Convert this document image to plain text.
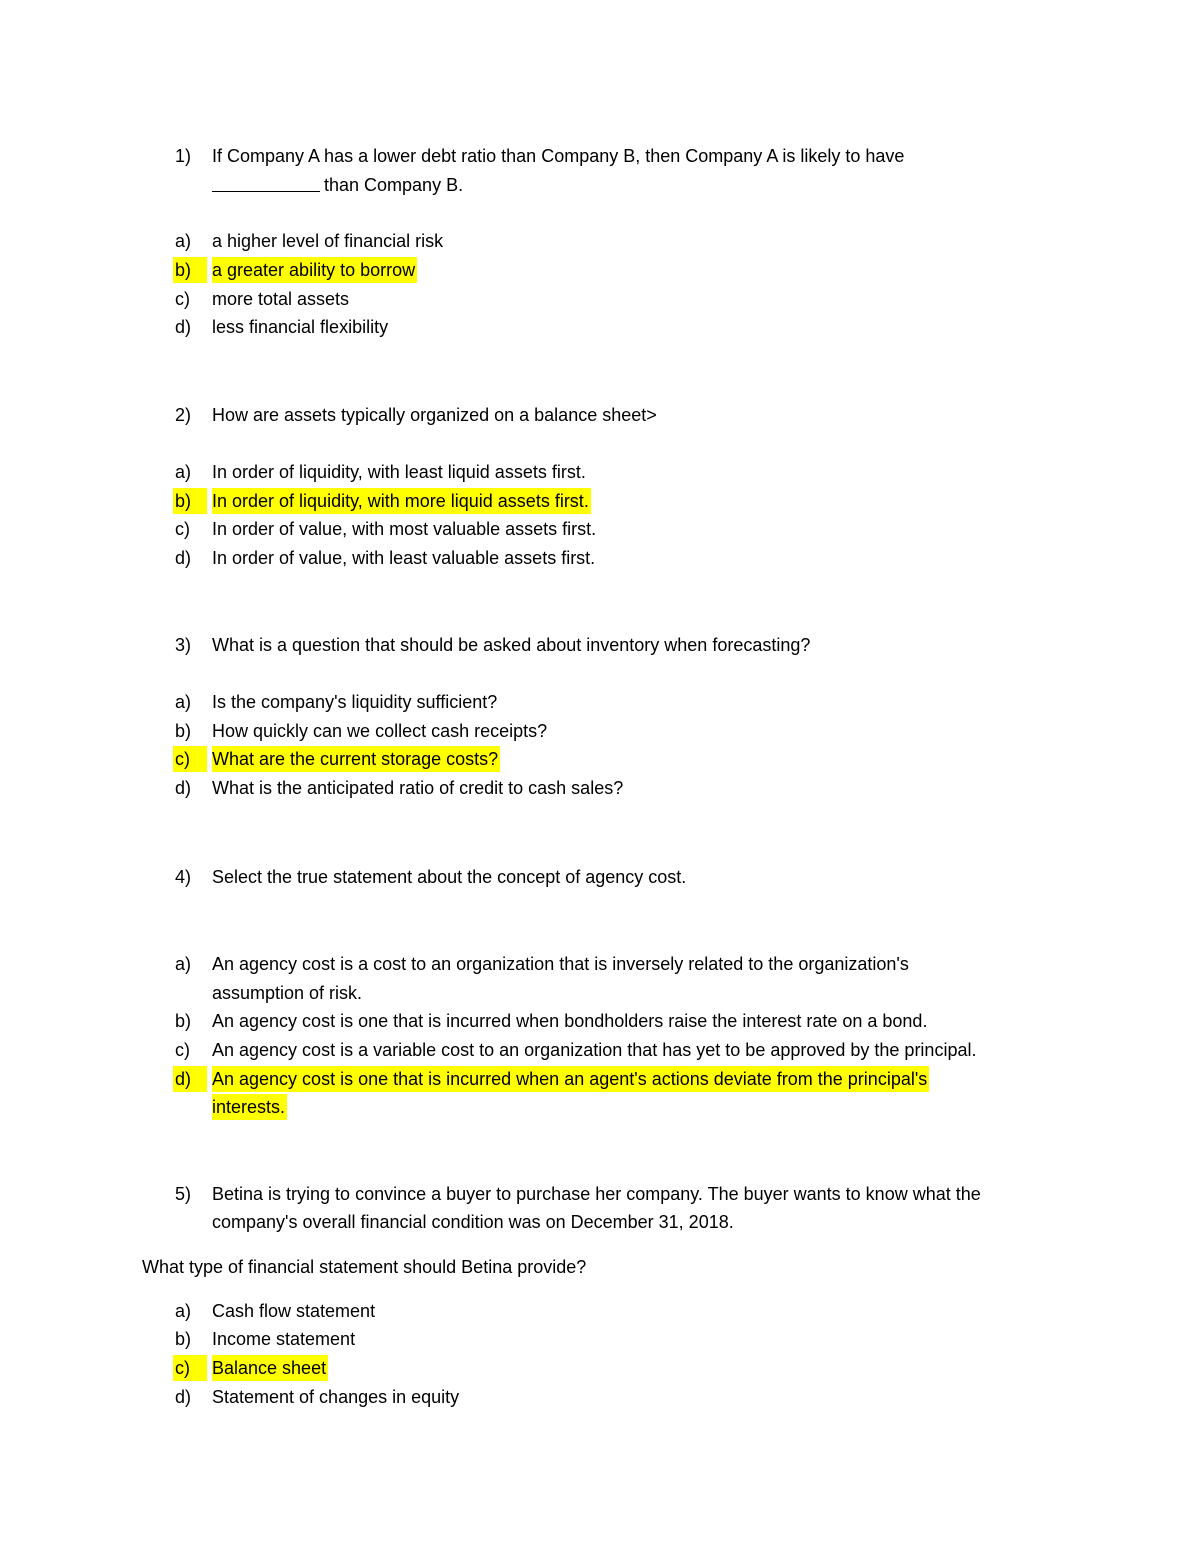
1)	If Company A has a lower debt ratio than Company B, then Company A is likely to have
than Company B.
a)	a higher level of financial risk
b)	a greater ability to borrow
c)	more total assets
d)	less financial flexibility
2)	How are assets typically organized on a balance sheet>
a)	In order of liquidity, with least liquid assets first.
b)	In order of liquidity, with more liquid assets first.
c)	In order of value, with most valuable assets first.
d)	In order of value, with least valuable assets first.
3)	What is a question that should be asked about inventory when forecasting?
a)	Is the company's liquidity sufficient?
b)	How quickly can we collect cash receipts?
c)	What are the current storage costs?
d)	What is the anticipated ratio of credit to cash sales?
4)	Select the true statement about the concept of agency cost.
a)	An agency cost is a cost to an organization that is inversely related to the organization's
assumption of risk.
b)	An agency cost is one that is incurred when bondholders raise the interest rate on a bond.
c)	An agency cost is a variable cost to an organization that has yet to be approved by the principal.
d)	An agency cost is one that is incurred when an agent's actions deviate from the principal's
interests.
5)	Betina is trying to convince a buyer to purchase her company. The buyer wants to know what the
company's overall financial condition was on December 31, 2018.
What type of financial statement should Betina provide?
a)	Cash flow statement
b)	Income statement
c)	Balance sheet
d)	Statement of changes in equity
